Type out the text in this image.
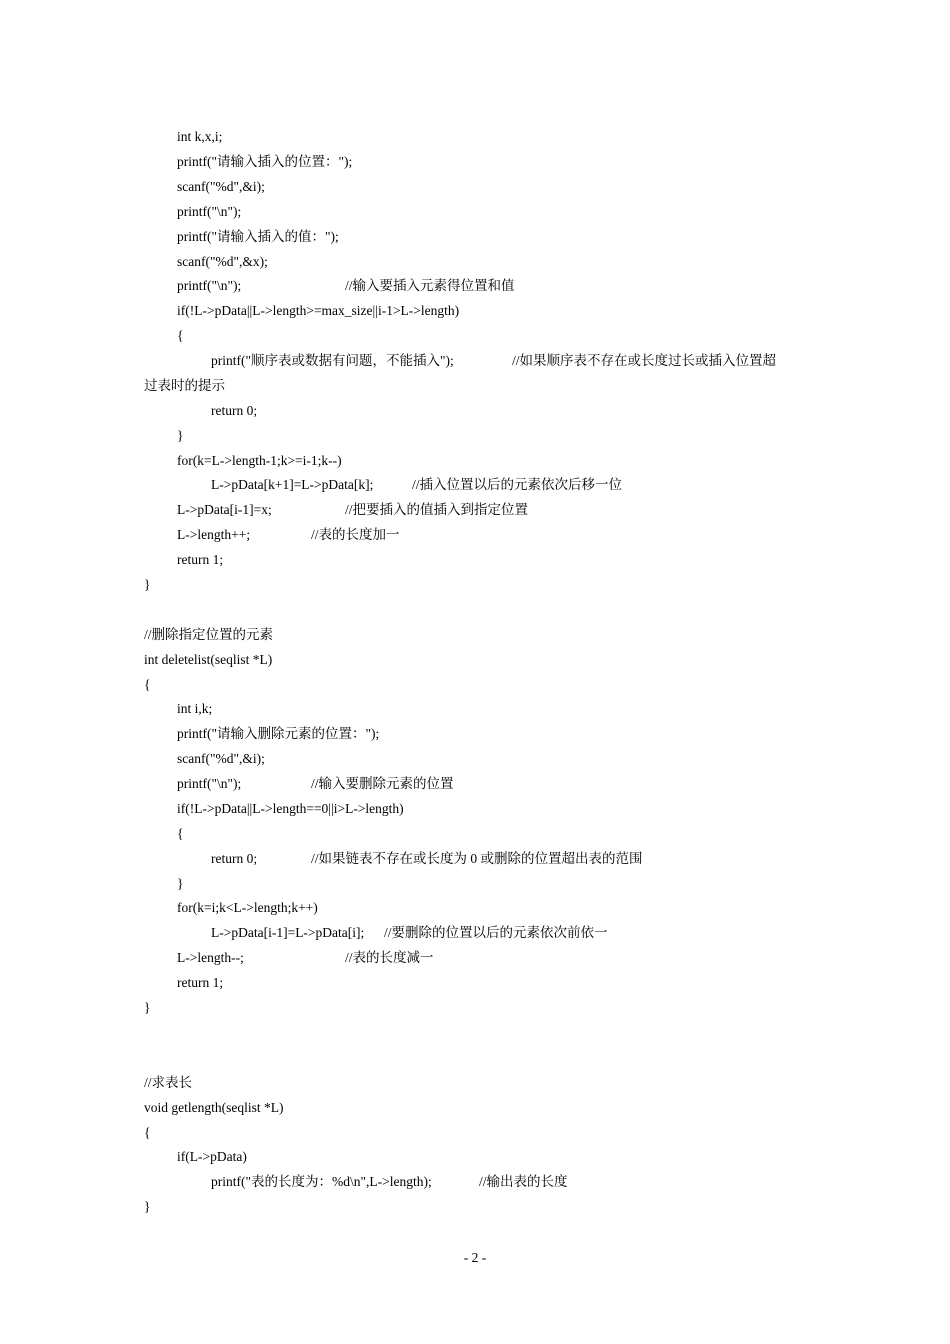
int k,x,i;
printf("请输入插入的位置：");
scanf("%d",&i);
printf("\n");
printf("请输入插入的值：");
scanf("%d",&x);
printf("\n");	//输入要插入元素得位置和值
if(!L->pData||L->length>=max_size||i-1>L->length)
{
printf("顺序表或数据有问题，不能插入");	//如果顺序表不存在或长度过长或插入位置超
过表时的提示
return 0;
}
for(k=L->length-1;k>=i-1;k--)
L->pData[k+1]=L->pData[k];	//插入位置以后的元素依次后移一位
L->pData[i-1]=x;	//把要插入的值插入到指定位置
L->length++;	//表的长度加一
return 1;
}
//删除指定位置的元素
int deletelist(seqlist *L)
{
int i,k;
printf("请输入删除元素的位置：");
scanf("%d",&i);
printf("\n");	//输入要删除元素的位置
if(!L->pData||L->length==0||i>L->length)
{
return 0;	//如果链表不存在或长度为 0 或删除的位置超出表的范围
}
for(k=i;k<L->length;k++)
L->pData[i-1]=L->pData[i]; //要删除的位置以后的元素依次前依一
L->length--;	//表的长度减一
return 1;
}
//求表长
void getlength(seqlist *L)
{
if(L->pData)
printf("表的长度为：%d\n",L->length);	//输出表的长度
}
- 2 -
